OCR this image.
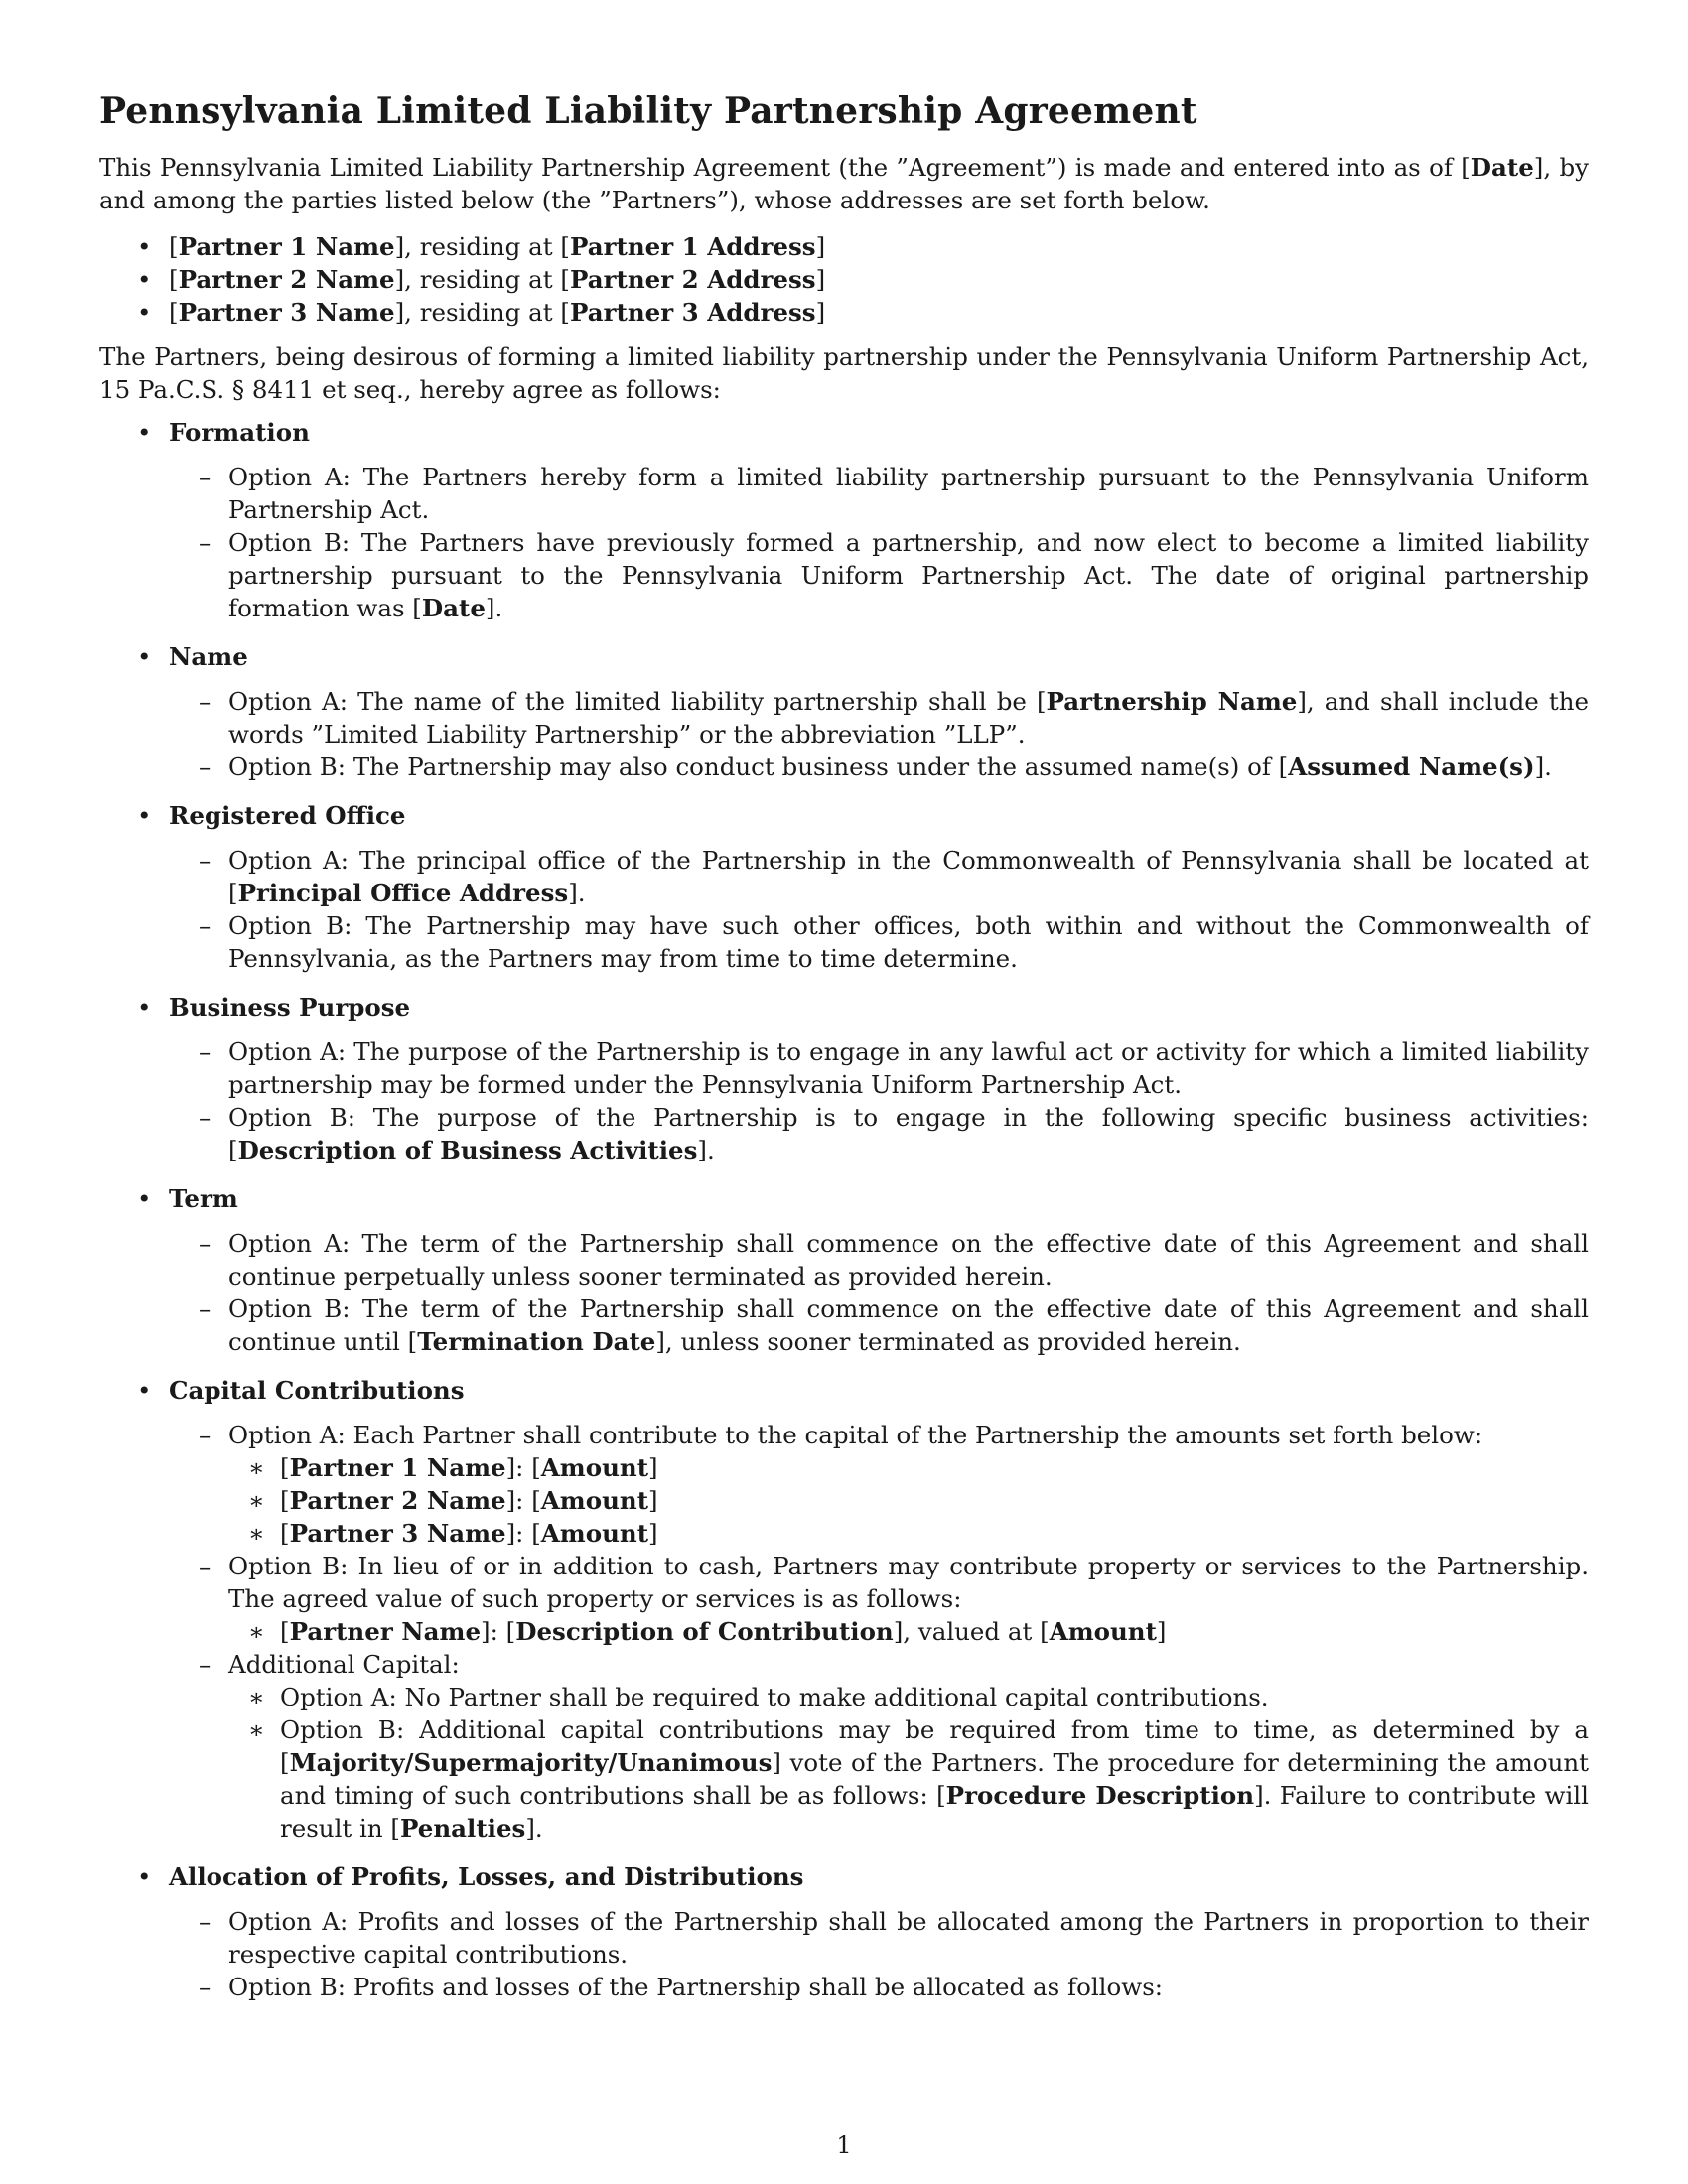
Pennsylvania Limited Liability Partnership Agreement

This Pennsylvania Limited Liability Partnership Agreement (the ”Agreement”) is made and entered into as of [Date], by and among the parties listed below (the ”Partners”), whose addresses are set forth below.

• [Partner 1 Name], residing at [Partner 1 Address]
• [Partner 2 Name], residing at [Partner 2 Address]
• [Partner 3 Name], residing at [Partner 3 Address]

The Partners, being desirous of forming a limited liability partnership under the Pennsylvania Uniform Partnership Act, 15 Pa.C.S. § 8411 et seq., hereby agree as follows:

• Formation
– Option A: The Partners hereby form a limited liability partnership pursuant to the Pennsylvania Uniform Partnership Act.
– Option B: The Partners have previously formed a partnership, and now elect to become a limited liability partnership pursuant to the Pennsylvania Uniform Partnership Act. The date of original partnership formation was [Date].
• Name
– Option A: The name of the limited liability partnership shall be [Partnership Name], and shall include the words ”Limited Liability Partnership” or the abbreviation ”LLP”.
– Option B: The Partnership may also conduct business under the assumed name(s) of [Assumed Name(s)].
• Registered Office
– Option A: The principal office of the Partnership in the Commonwealth of Pennsylvania shall be located at [Principal Office Address].
– Option B: The Partnership may have such other offices, both within and without the Commonwealth of Pennsylvania, as the Partners may from time to time determine.
• Business Purpose
– Option A: The purpose of the Partnership is to engage in any lawful act or activity for which a limited liability partnership may be formed under the Pennsylvania Uniform Partnership Act.
– Option B: The purpose of the Partnership is to engage in the following specific business activities: [Description of Business Activities].
• Term
– Option A: The term of the Partnership shall commence on the effective date of this Agreement and shall continue perpetually unless sooner terminated as provided herein.
– Option B: The term of the Partnership shall commence on the effective date of this Agreement and shall continue until [Termination Date], unless sooner terminated as provided herein.
• Capital Contributions
– Option A: Each Partner shall contribute to the capital of the Partnership the amounts set forth below:
∗ [Partner 1 Name]: [Amount]
∗ [Partner 2 Name]: [Amount]
∗ [Partner 3 Name]: [Amount]
– Option B: In lieu of or in addition to cash, Partners may contribute property or services to the Partnership. The agreed value of such property or services is as follows:
∗ [Partner Name]: [Description of Contribution], valued at [Amount]
– Additional Capital:
∗ Option A: No Partner shall be required to make additional capital contributions.
∗ Option B: Additional capital contributions may be required from time to time, as determined by a [Majority/Supermajority/Unanimous] vote of the Partners. The procedure for determining the amount and timing of such contributions shall be as follows: [Procedure Description]. Failure to contribute will result in [Penalties].
• Allocation of Profits, Losses, and Distributions
– Option A: Profits and losses of the Partnership shall be allocated among the Partners in proportion to their respective capital contributions.
– Option B: Profits and losses of the Partnership shall be allocated as follows:
1
